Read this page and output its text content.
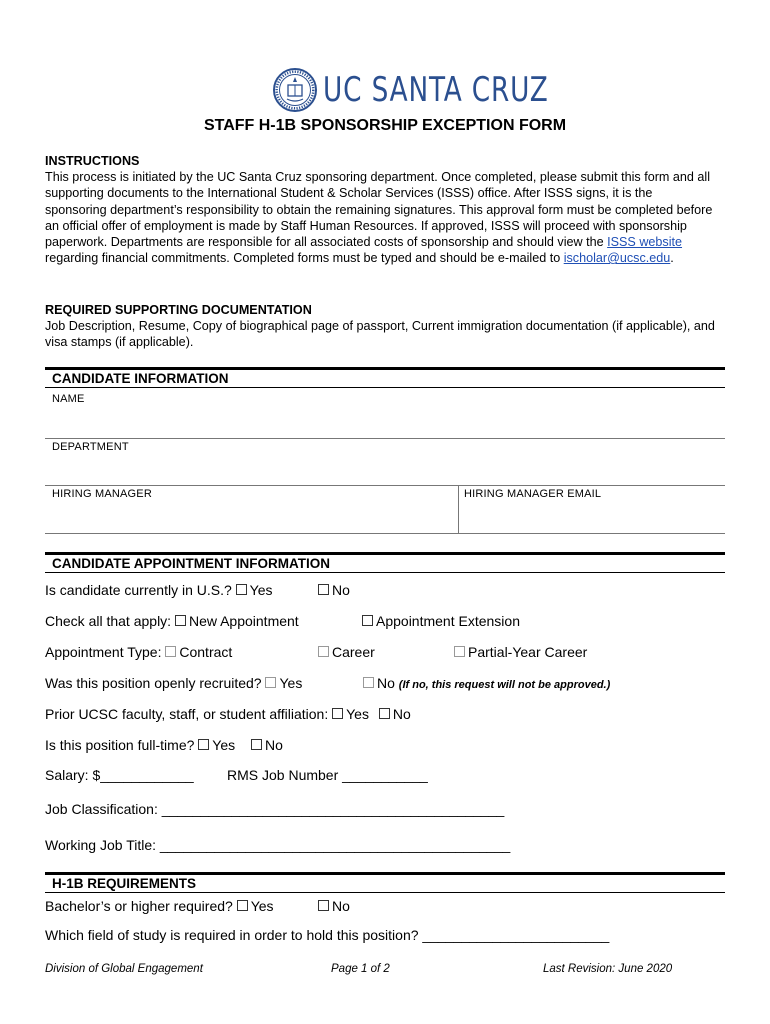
UC SANTA CRUZ
STAFF H-1B SPONSORSHIP EXCEPTION FORM
INSTRUCTIONS
This process is initiated by the UC Santa Cruz sponsoring department. Once completed, please submit this form and all supporting documents to the International Student & Scholar Services (ISSS) office. After ISSS signs, it is the sponsoring department’s responsibility to obtain the remaining signatures. This approval form must be completed before an official offer of employment is made by Staff Human Resources. If approved, ISSS will proceed with sponsorship paperwork. Departments are responsible for all associated costs of sponsorship and should view the ISSS website regarding financial commitments. Completed forms must be typed and should be e-mailed to ischolar@ucsc.edu.
REQUIRED SUPPORTING DOCUMENTATION
Job Description, Resume, Copy of biographical page of passport, Current immigration documentation (if applicable), and visa stamps (if applicable).
CANDIDATE INFORMATION
NAME
DEPARTMENT
HIRING MANAGER	HIRING MANAGER EMAIL
CANDIDATE APPOINTMENT INFORMATION
Is candidate currently in U.S.? Yes	No
Check all that apply: New Appointment	Appointment Extension
Appointment Type: Contract	Career	Partial-Year Career
Was this position openly recruited? Yes	No (If no, this request will not be approved.)
Prior UCSC faculty, staff, or student affiliation: Yes No
Is this position full-time? Yes No
Salary: $____________ RMS Job Number ___________
Job Classification: ____________________________________________
Working Job Title: _____________________________________________
H-1B REQUIREMENTS
Bachelor’s or higher required? Yes	No
Which field of study is required in order to hold this position? ________________________
Division of Global Engagement	Page 1 of 2	Last Revision: June 2020
